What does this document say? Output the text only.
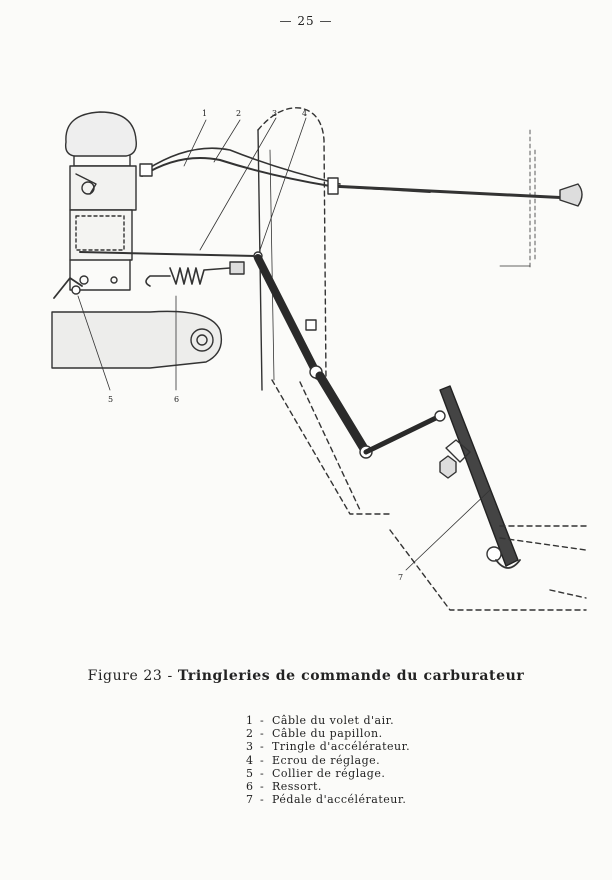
— 25 —
1	2	3	4
5	6
7
Figure 23 - Tringleries de commande du carburateur
1 - Câble du volet d'air.
2 - Câble du papillon.
3 - Tringle d'accélérateur.
4 - Ecrou de réglage.
5 - Collier de réglage.
6 - Ressort.
7 - Pédale d'accélérateur.
